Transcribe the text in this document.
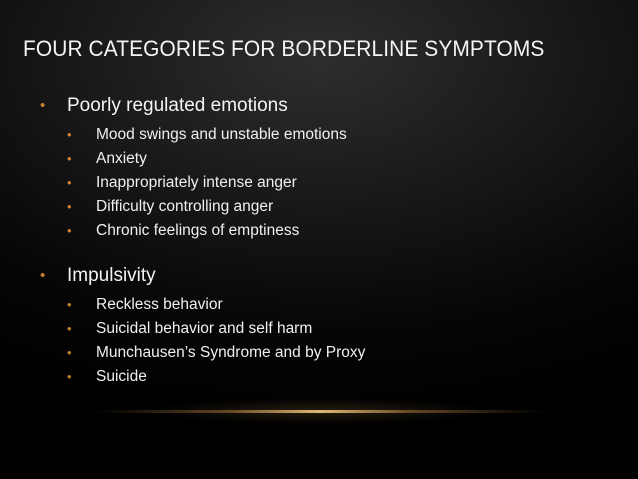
FOUR CATEGORIES FOR BORDERLINE SYMPTOMS
• Poorly regulated emotions
• Mood swings and unstable emotions
• Anxiety
• Inappropriately intense anger
• Difficulty controlling anger
• Chronic feelings of emptiness
• Impulsivity
• Reckless behavior
• Suicidal behavior and self harm
• Munchausen’s Syndrome and by Proxy
• Suicide
